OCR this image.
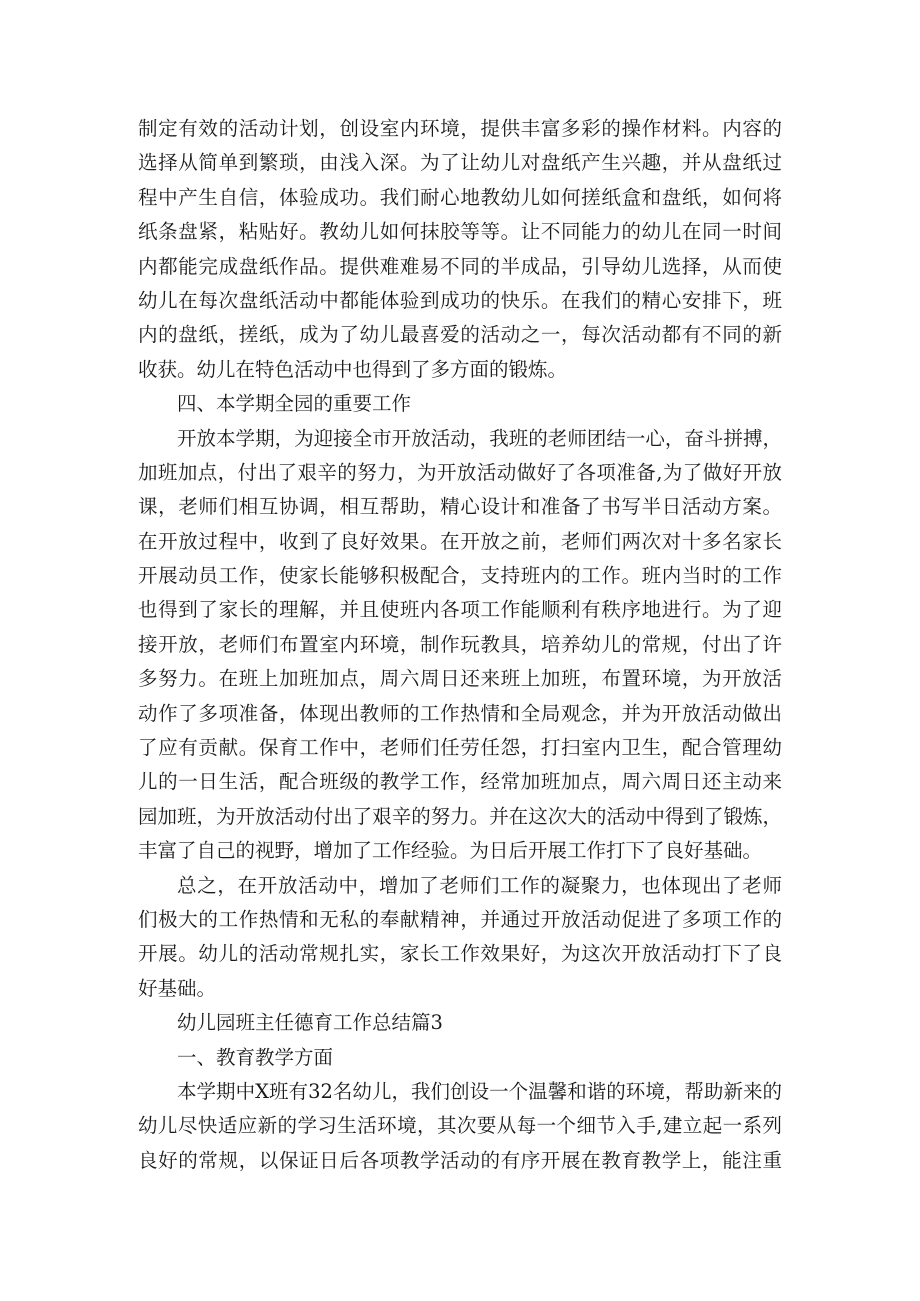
制定有效的活动计划，创设室内环境，提供丰富多彩的操作材料。内容的
选择从简单到繁琐，由浅入深。为了让幼儿对盘纸产生兴趣，并从盘纸过
程中产生自信，体验成功。我们耐心地教幼儿如何搓纸盒和盘纸，如何将
纸条盘紧，粘贴好。教幼儿如何抹胶等等。让不同能力的幼儿在同一时间
内都能完成盘纸作品。提供难难易不同的半成品，引导幼儿选择，从而使
幼儿在每次盘纸活动中都能体验到成功的快乐。在我们的精心安排下，班
内的盘纸，搓纸，成为了幼儿最喜爱的活动之一，每次活动都有不同的新
收获。幼儿在特色活动中也得到了多方面的锻炼。
四、本学期全园的重要工作
开放本学期，为迎接全市开放活动，我班的老师团结一心，奋斗拼搏，
加班加点，付出了艰辛的努力，为开放活动做好了各项准备,为了做好开放
课，老师们相互协调，相互帮助，精心设计和准备了书写半日活动方案。
在开放过程中，收到了良好效果。在开放之前，老师们两次对十多名家长
开展动员工作，使家长能够积极配合，支持班内的工作。班内当时的工作
也得到了家长的理解，并且使班内各项工作能顺利有秩序地进行。为了迎
接开放，老师们布置室内环境，制作玩教具，培养幼儿的常规，付出了许
多努力。在班上加班加点，周六周日还来班上加班，布置环境，为开放活
动作了多项准备，体现出教师的工作热情和全局观念，并为开放活动做出
了应有贡献。保育工作中，老师们任劳任怨，打扫室内卫生，配合管理幼
儿的一日生活，配合班级的教学工作，经常加班加点，周六周日还主动来
园加班，为开放活动付出了艰辛的努力。并在这次大的活动中得到了锻炼，
丰富了自己的视野，增加了工作经验。为日后开展工作打下了良好基础。
总之，在开放活动中，增加了老师们工作的凝聚力，也体现出了老师
们极大的工作热情和无私的奉献精神，并通过开放活动促进了多项工作的
开展。幼儿的活动常规扎实，家长工作效果好，为这次开放活动打下了良
好基础。
幼儿园班主任德育工作总结篇3
一、教育教学方面
本学期中X班有32名幼儿，我们创设一个温馨和谐的环境，帮助新来的
幼儿尽快适应新的学习生活环境，其次要从每一个细节入手,建立起一系列
良好的常规，以保证日后各项教学活动的有序开展在教育教学上，能注重
